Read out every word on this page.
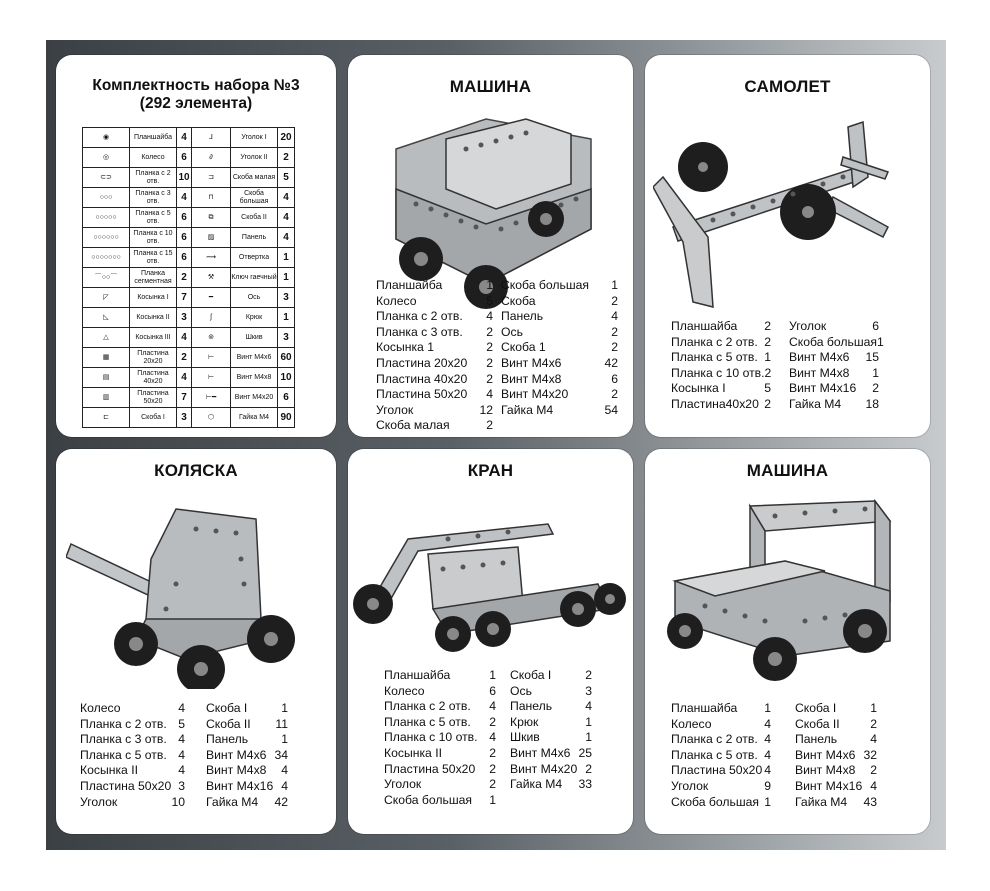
Комплектность набора №3
(292 элемента)
◉	Планшайба	4	⅃	Уголок I	20
◎	Колесо	6	∂	Уголок II	2
⊂⊃	Планка с 2 отв.	10	⊐	Скоба малая	5
○○○	Планка с 3 отв.	4	⊓	Скоба большая	4
○○○○○	Планка с 5 отв.	6	⧉	Скоба II	4
○○○○○○	Планка с 10 отв.	6	▨	Панель	4
○○○○○○○	Планка с 15 отв.	6	⟿	Отвертка	1
⌒○○⌒	Планка сегментная	2	⚒	Ключ гаечный	1
◸	Косынка I	7	━	Ось	3
◺	Косынка II	3	ʃ	Крюк	1
△	Косынка III	4	⊚	Шкив	3
▦	Пластина 20x20	2	⊢	Винт М4х6	60
▤	Пластина 40x20	4	⊢	Винт М4х8	10
▥	Пластина 50x20	7	⊢━	Винт М4х20	6
⊏	Скоба I	3	⬡	Гайка М4	90
МАШИНА
Планшайба	1
Колесо	5
Планка с 2 отв.	4
Планка с 3 отв.	2
Косынка 1	2
Пластина 20x20	2
Пластина 40x20	2
Пластина 50x20	4
Уголок	12
Скоба малая	2
Скоба большая	1
Скоба	2
Панель	4
Ось	2
Скоба 1	2
Винт М4х6	42
Винт М4х8	6
Винт М4х20	2
Гайка М4	54
САМОЛЕТ
Планшайба	2
Планка с 2 отв. 2
Планка с 5 отв. 1
Планка с 10 отв. 2
Косынка I	5
Пластина40x20 2
Уголок	6
Скоба большая 1
Винт М4х6	15
Винт М4х8	1
Винт М4х16	2
Гайка М4	18
КОЛЯСКА
Колесо	4
Планка с 2 отв. 5
Планка с 3 отв. 4
Планка с 5 отв. 4
Косынка II	4
Пластина 50x20 3
Уголок	10
Скоба I	1
Скоба II	11
Панель	1
Винт М4х6 34
Винт М4х8	4
Винт М4х16 4
Гайка М4	42
КРАН
Планшайба	1
Колесо	6
Планка с 2 отв.	4
Планка с 5 отв.	2
Планка с 10 отв. 4
Косынка II	2
Пластина 50x20	2
Уголок	2
Скоба большая	1
Скоба I	2
Ось	3
Панель	4
Крюк	1
Шкив	1
Винт М4х6 25
Винт М4х20 2
Гайка М4	33
МАШИНА
Планшайба	1
Колесо	4
Планка с 2 отв. 4
Планка с 5 отв. 4
Пластина 50x20 4
Уголок	9
Скоба большая 1
Скоба I	1
Скоба II	2
Панель	4
Винт М4х6 32
Винт М4х8	2
Винт М4х16 4
Гайка М4	43
